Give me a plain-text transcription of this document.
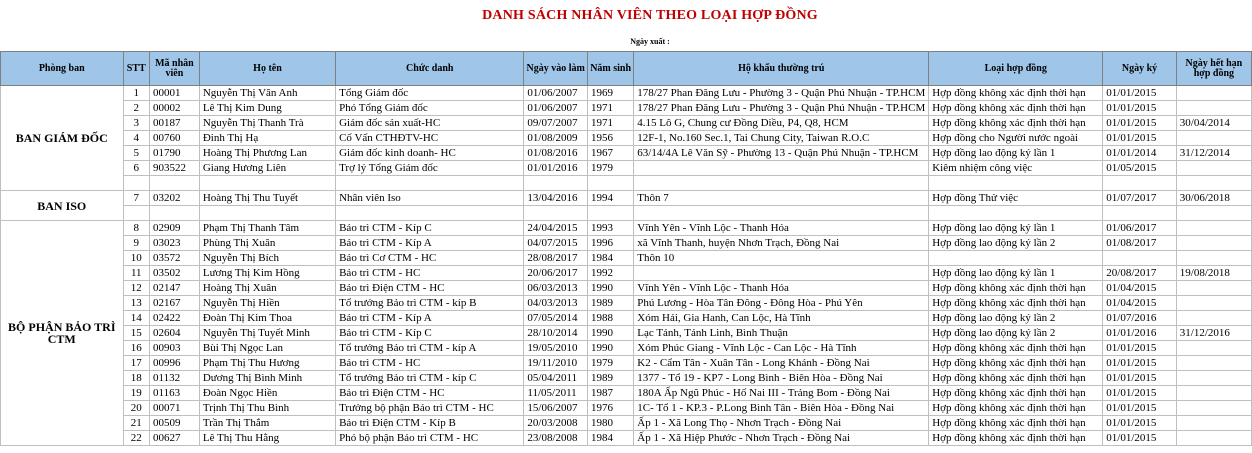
DANH SÁCH NHÂN VIÊN THEO LOẠI HỢP ĐỒNG
Ngày xuất :
Phòng ban	STT	Mã nhân viên	Họ tên	Chức danh	Ngày vào làm	Năm sinh	Hộ khẩu thường trú	Loại hợp đồng	Ngày ký	Ngày hết hạn hợp đồng
BAN GIÁM ĐỐC	1	00001	Nguyễn Thị Vân Anh	Tổng Giám đốc	01/06/2007	1969	178/27 Phan Đăng Lưu - Phường 3 - Quận Phú Nhuận - TP.HCM	Hợp đồng không xác định thời hạn	01/01/2015	
	2	00002	Lê Thị Kim Dung	Phó Tổng Giám đốc	01/06/2007	1971	178/27 Phan Đăng Lưu - Phường 3 - Quận Phú Nhuận - TP.HCM	Hợp đồng không xác định thời hạn	01/01/2015	
	3	00187	Nguyễn Thị Thanh Trà	Giám đốc sản xuất-HC	09/07/2007	1971	4.15 Lô G, Chung cư Đồng Diều, P4, Q8, HCM	Hợp đồng không xác định thời hạn	01/01/2015	30/04/2014
	4	00760	Đinh Thị Hạ	Cố Vấn CTHĐTV-HC	01/08/2009	1956	12F-1, No.160 Sec.1, Tai Chung City, Taiwan R.O.C	Hợp đồng cho Người nước ngoài	01/01/2015	
	5	01790	Hoàng Thị Phương Lan	Giám đốc kinh doanh- HC	01/08/2016	1967	63/14/4A Lê Văn Sỹ - Phường 13 - Quận Phú Nhuận - TP.HCM	Hợp đồng lao động ký lần 1	01/01/2014	31/12/2014
	6	903522	Giang Hương Liên	Trợ lý Tổng Giám đốc	01/01/2016	1979		Kiêm nhiệm công việc	01/05/2015	

BAN ISO	7	03202	Hoàng Thị Thu Tuyết	Nhân viên Iso	13/04/2016	1994	Thôn 7	Hợp đồng Thử việc	01/07/2017	30/06/2018

BỘ PHẬN BẢO TRÌ CTM	8	02909	Phạm Thị Thanh Tâm	Bảo trì CTM - Kíp C	24/04/2015	1993	Vĩnh Yên - Vĩnh Lộc - Thanh Hóa	Hợp đồng lao động ký lần 1	01/06/2017	
	9	03023	Phùng Thị Xuân	Bảo trì CTM - Kíp A	04/07/2015	1996	xã Vĩnh Thanh, huyện Nhơn Trạch, Đồng Nai	Hợp đồng lao động ký lần 2	01/08/2017	
	10	03572	Nguyễn Thị Bích	Bảo trì Cơ CTM - HC	28/08/2017	1984	Thôn 10			
	11	03502	Lương Thị Kim Hồng	Bảo trì CTM - HC	20/06/2017	1992		Hợp đồng lao động ký lần 1	20/08/2017	19/08/2018
	12	02147	Hoàng Thị Xuân	Bảo trì Điện CTM - HC	06/03/2013	1990	Vĩnh Yên - Vĩnh Lộc - Thanh Hóa	Hợp đồng không xác định thời hạn	01/04/2015	
	13	02167	Nguyễn Thị Hiền	Tổ trưởng Bảo trì CTM - kíp B	04/03/2013	1989	Phú Lương - Hòa Tân Đông - Đông Hòa - Phú Yên	Hợp đồng không xác định thời hạn	01/04/2015	
	14	02422	Đoàn Thị Kim Thoa	Bảo trì CTM - Kíp A	07/05/2014	1988	Xóm Hải, Gia Hanh, Can Lộc, Hà Tĩnh	Hợp đồng lao động ký lần 2	01/07/2016	
	15	02604	Nguyễn Thị Tuyết Minh	Bảo trì CTM - Kíp C	28/10/2014	1990	Lạc Tánh, Tánh Linh, Bình Thuận	Hợp đồng lao động ký lần 2	01/01/2016	31/12/2016
	16	00903	Bùi Thị Ngọc Lan	Tổ trưởng Bảo trì CTM - kíp A	19/05/2010	1990	Xóm Phúc Giang - Vĩnh Lộc - Can Lộc - Hà Tĩnh	Hợp đồng không xác định thời hạn	01/01/2015	
	17	00996	Phạm Thị Thu Hương	Bảo trì CTM - HC	19/11/2010	1979	K2 - Cẩm Tân - Xuân Tân - Long Khánh - Đồng Nai	Hợp đồng không xác định thời hạn	01/01/2015	
	18	01132	Dương Thị Bình Minh	Tổ trưởng Bảo trì CTM - kíp C	05/04/2011	1989	1377 - Tổ 19 - KP7 - Long Bình - Biên Hòa - Đồng Nai	Hợp đồng không xác định thời hạn	01/01/2015	
	19	01163	Đoàn Ngọc Hiền	Bảo trì Điện CTM - HC	11/05/2011	1987	180A Ấp Ngũ Phúc - Hố Nai III - Trảng Bom - Đồng Nai	Hợp đồng không xác định thời hạn	01/01/2015	
	20	00071	Trịnh Thị Thu Bình	Trưởng bộ phận Bảo trì CTM - HC	15/06/2007	1976	1C- Tổ 1 - KP.3 - P.Long Bình Tân - Biên Hòa - Đồng Nai	Hợp đồng không xác định thời hạn	01/01/2015	
	21	00509	Trần Thị Thắm	Bảo trì Điện CTM - Kíp B	20/03/2008	1980	Ấp 1 - Xã Long Thọ - Nhơn Trạch - Đồng Nai	Hợp đồng không xác định thời hạn	01/01/2015	
	22	00627	Lê Thị Thu Hằng	Phó bộ phận Bảo trì CTM - HC	23/08/2008	1984	Ấp 1 - Xã Hiệp Phước - Nhơn Trạch - Đồng Nai	Hợp đồng không xác định thời hạn	01/01/2015	
